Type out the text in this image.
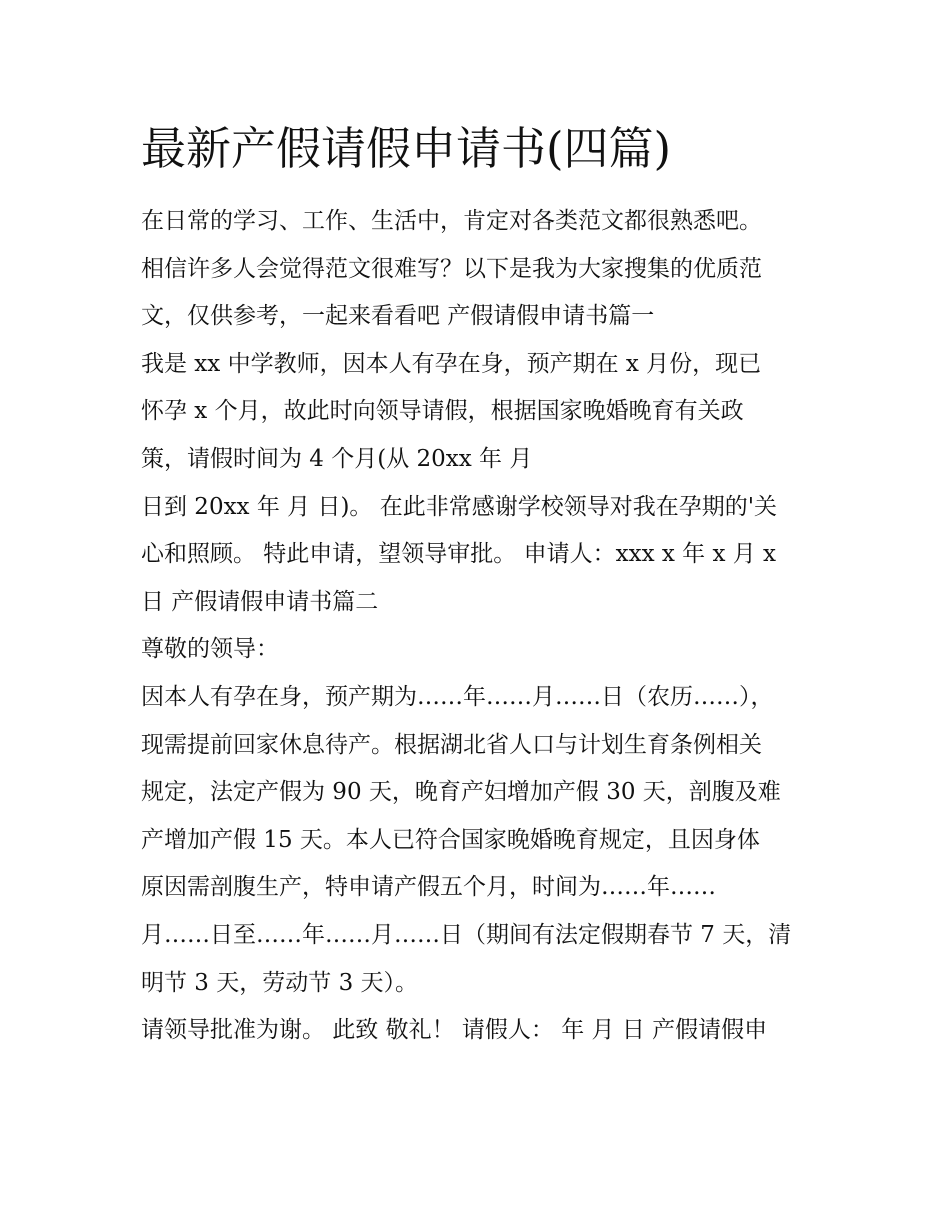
最新产假请假申请书(四篇)

在日常的学习、工作、生活中，肯定对各类范文都很熟悉吧。

相信许多人会觉得范文很难写？以下是我为大家搜集的优质范

文，仅供参考，一起来看看吧 产假请假申请书篇一

我是 xx 中学教师，因本人有孕在身，预产期在 x 月份，现已

怀孕 x 个月，故此时向领导请假，根据国家晚婚晚育有关政

策，请假时间为 4 个月(从 20xx 年 月

日到 20xx 年 月 日)。 在此非常感谢学校领导对我在孕期的'关

心和照顾。 特此申请，望领导审批。 申请人：xxx x 年 x 月 x

日 产假请假申请书篇二

尊敬的领导：

因本人有孕在身，预产期为……年……月……日（农历……），

现需提前回家休息待产。根据湖北省人口与计划生育条例相关

规定，法定产假为 90 天，晚育产妇增加产假 30 天，剖腹及难

产增加产假 15 天。本人已符合国家晚婚晚育规定，且因身体

原因需剖腹生产，特申请产假五个月，时间为……年……

月……日至……年……月……日（期间有法定假期春节 7 天，清

明节 3 天，劳动节 3 天）。

请领导批准为谢。 此致 敬礼！ 请假人： 年 月 日 产假请假申
